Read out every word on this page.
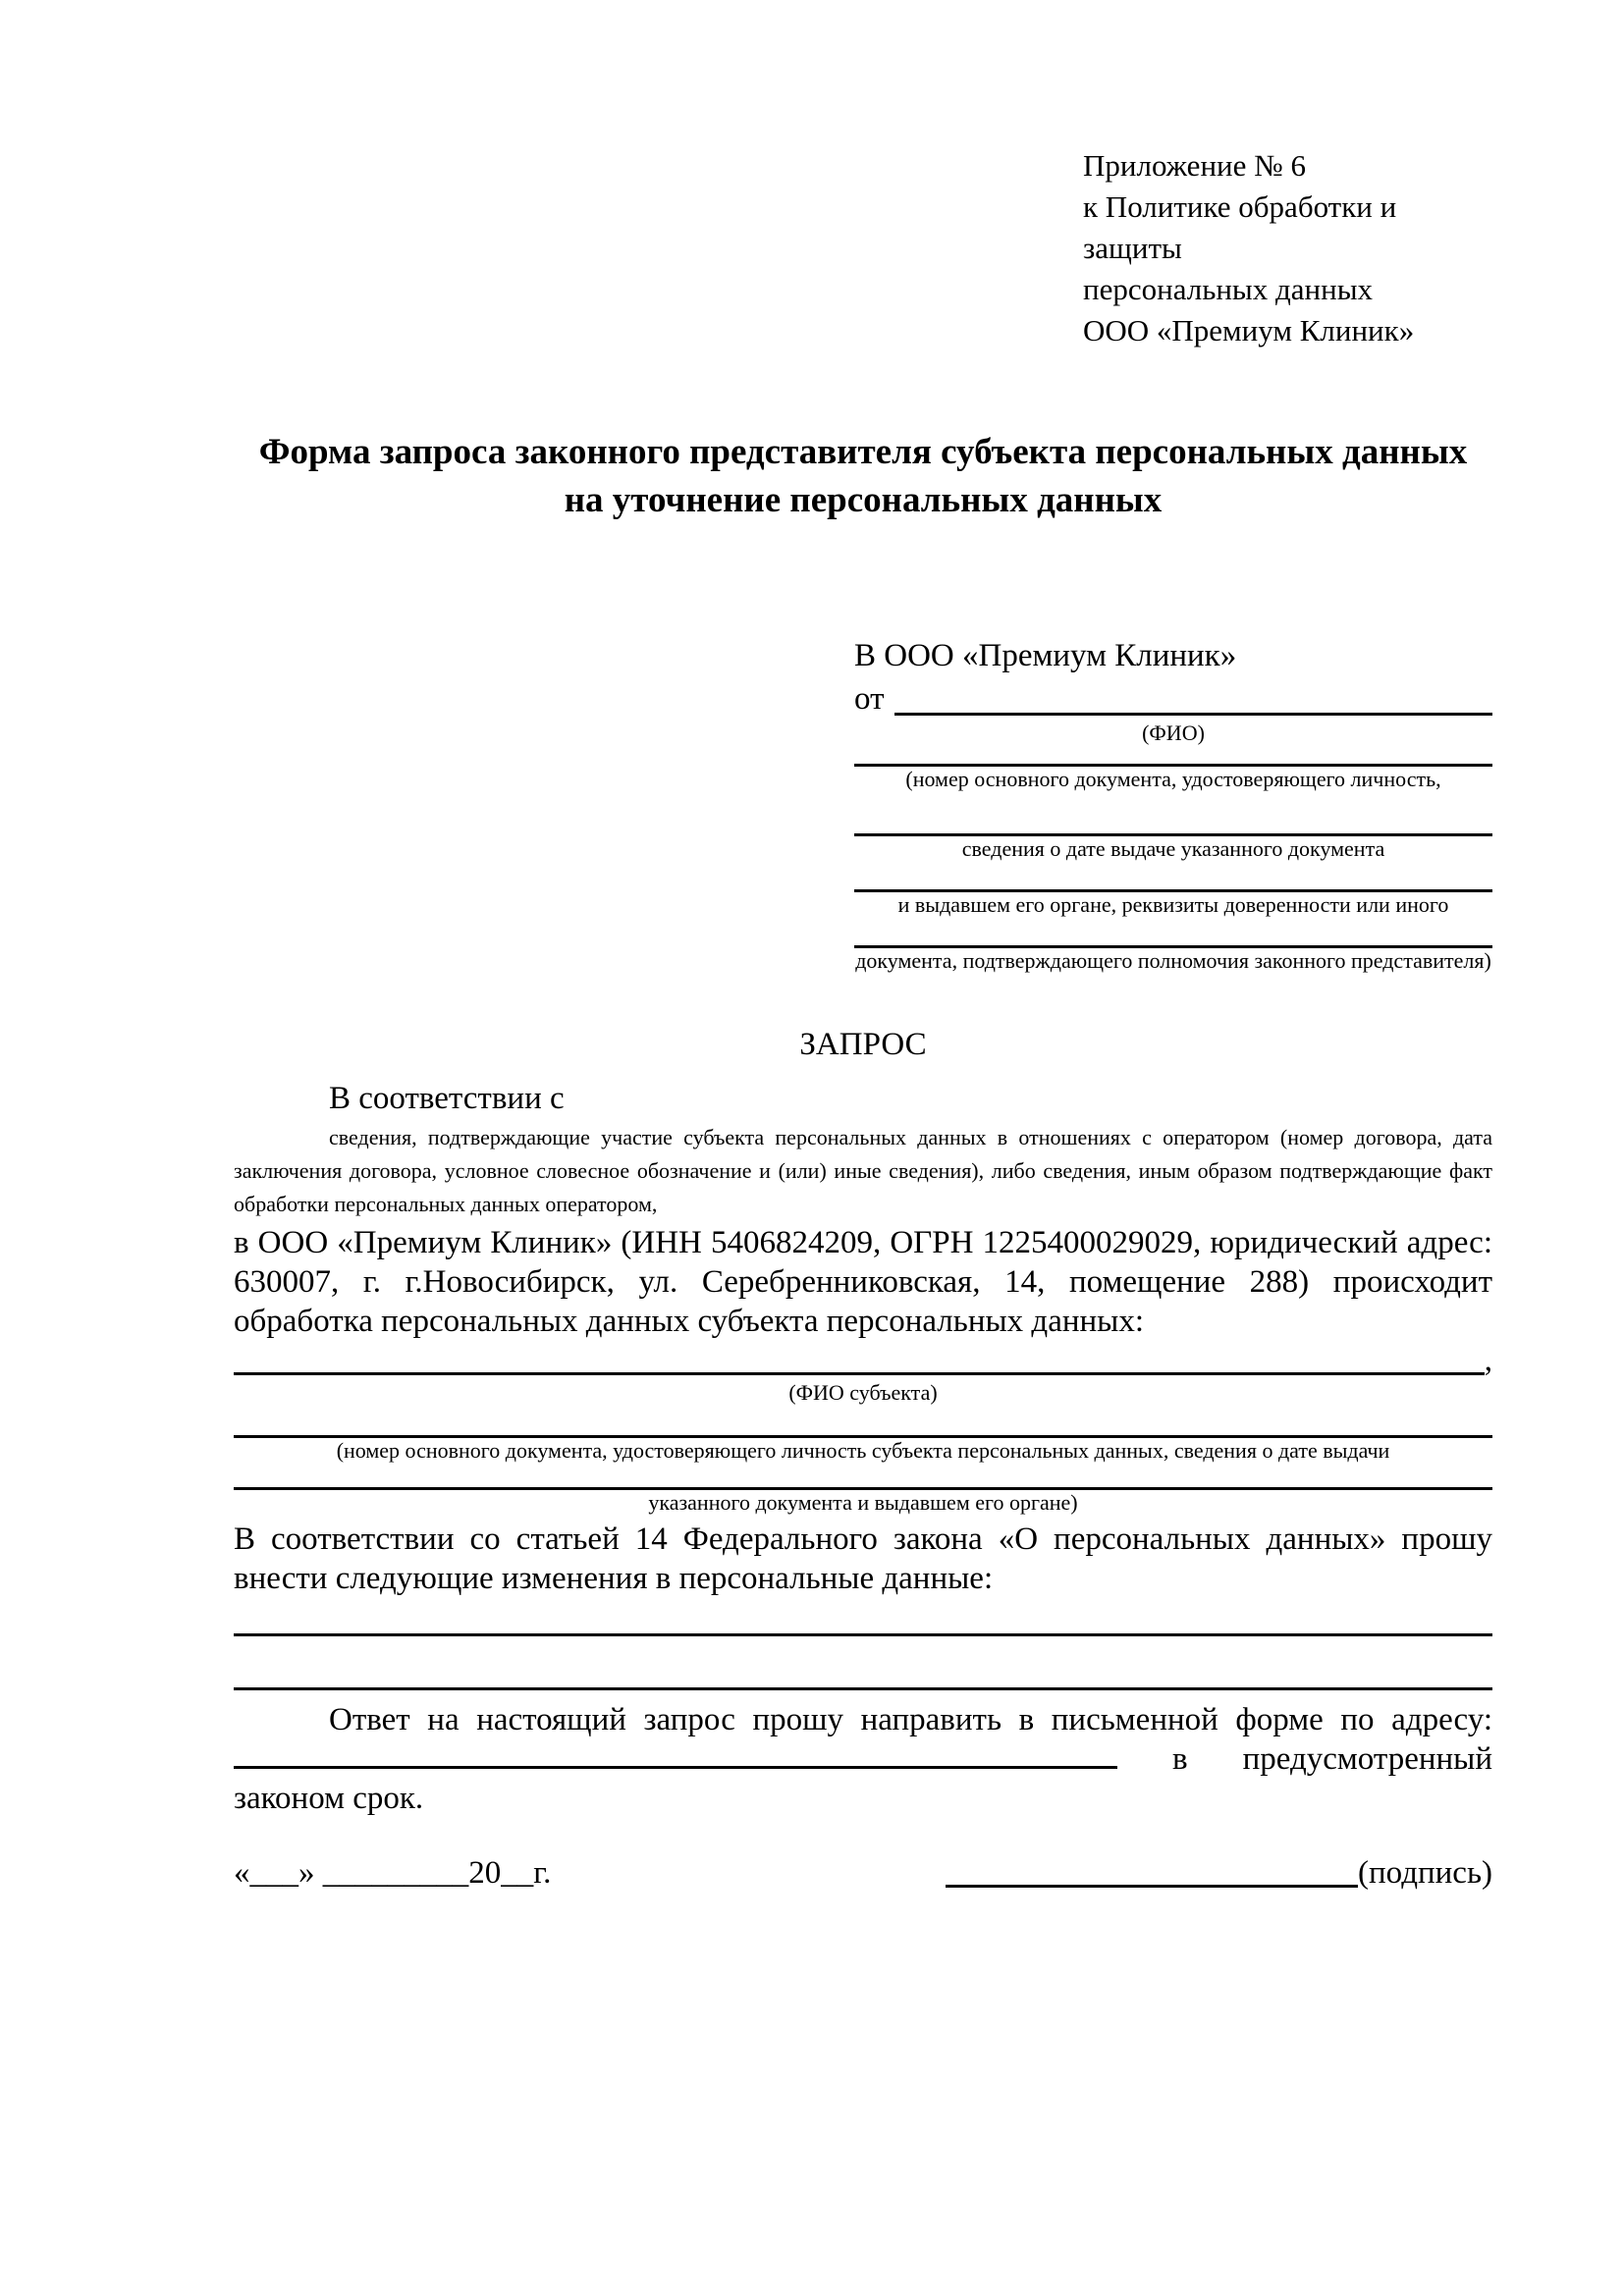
Приложение № 6
к Политике обработки и защиты
персональных данных
ООО «Премиум Клиник»
Форма запроса законного представителя субъекта персональных данных
на уточнение персональных данных
В ООО «Премиум Клиник»
от
(ФИО)
(номер основного документа, удостоверяющего личность,
сведения о дате выдаче указанного документа
и выдавшем его органе, реквизиты доверенности или иного
документа, подтверждающего полномочия законного представителя)
ЗАПРОС
В соответствии с
сведения, подтверждающие участие субъекта персональных данных в отношениях с оператором (номер договора, дата заключения договора, условное словесное обозначение и (или) иные сведения), либо сведения, иным образом подтверждающие факт обработки персональных данных оператором,
в ООО «Премиум Клиник» (ИНН 5406824209, ОГРН 1225400029029, юридический адрес: 630007, г. г.Новосибирск, ул. Серебренниковская, 14, помещение 288) происходит обработка персональных данных субъекта персональных данных:
,
(ФИО субъекта)
(номер основного документа, удостоверяющего личность субъекта персональных данных, сведения о дате выдачи
указанного документа и выдавшем его органе)
В соответствии со статьей 14 Федерального закона «О персональных данных» прошу внести следующие изменения в персональные данные:
Ответ на настоящий запрос прошу направить в письменной форме по адресу:  в предусмотренный законом срок.
«___» _________20__г.	(подпись)
